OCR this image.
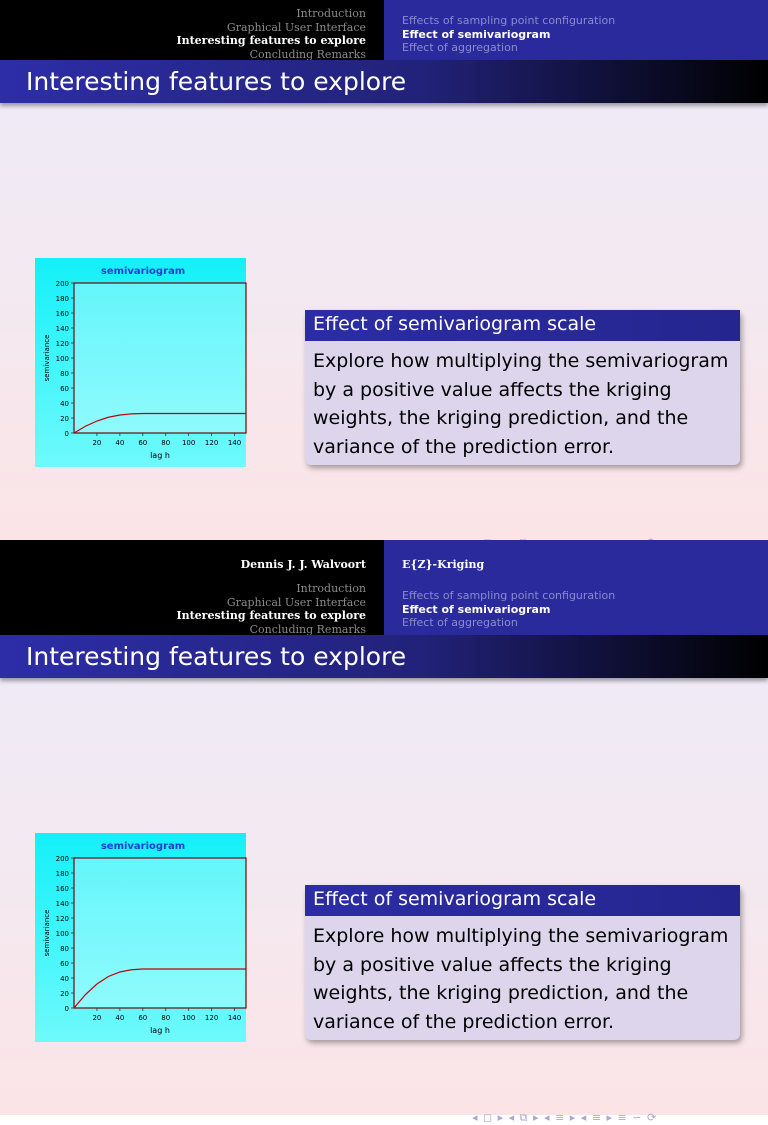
Introduction
Graphical User Interface
Interesting features to explore
Concluding Remarks
Effects of sampling point configuration
Effect of semivariogram
Effect of aggregation
Interesting features to explore
semivariogram
0
20
40
60
80
100
120
140
160
180
200
20 40 60 80 100 120 140
lag h
semivariance
Effect of semivariogram scale
Explore how multiplying the semivariogram by a positive value affects the kriging weights, the kriging prediction, and the variance of the prediction error.
Dennis J. J. Walvoort
Introduction
Graphical User Interface
Interesting features to explore
Concluding Remarks
E{Z}-Kriging
Effects of sampling point configuration
Effect of semivariogram
Effect of aggregation
Interesting features to explore
semivariogram
0
20
40
60
80
100
120
140
160
180
200
20 40 60 80 100 120 140
lag h
semivariance
Effect of semivariogram scale
Explore how multiplying the semivariogram by a positive value affects the kriging weights, the kriging prediction, and the variance of the prediction error.
◂ ◻ ▸ ◂ ⧉ ▸ ◂ ≡ ▸ ◂ ≡ ▸ ≡ ∽ ⟳
